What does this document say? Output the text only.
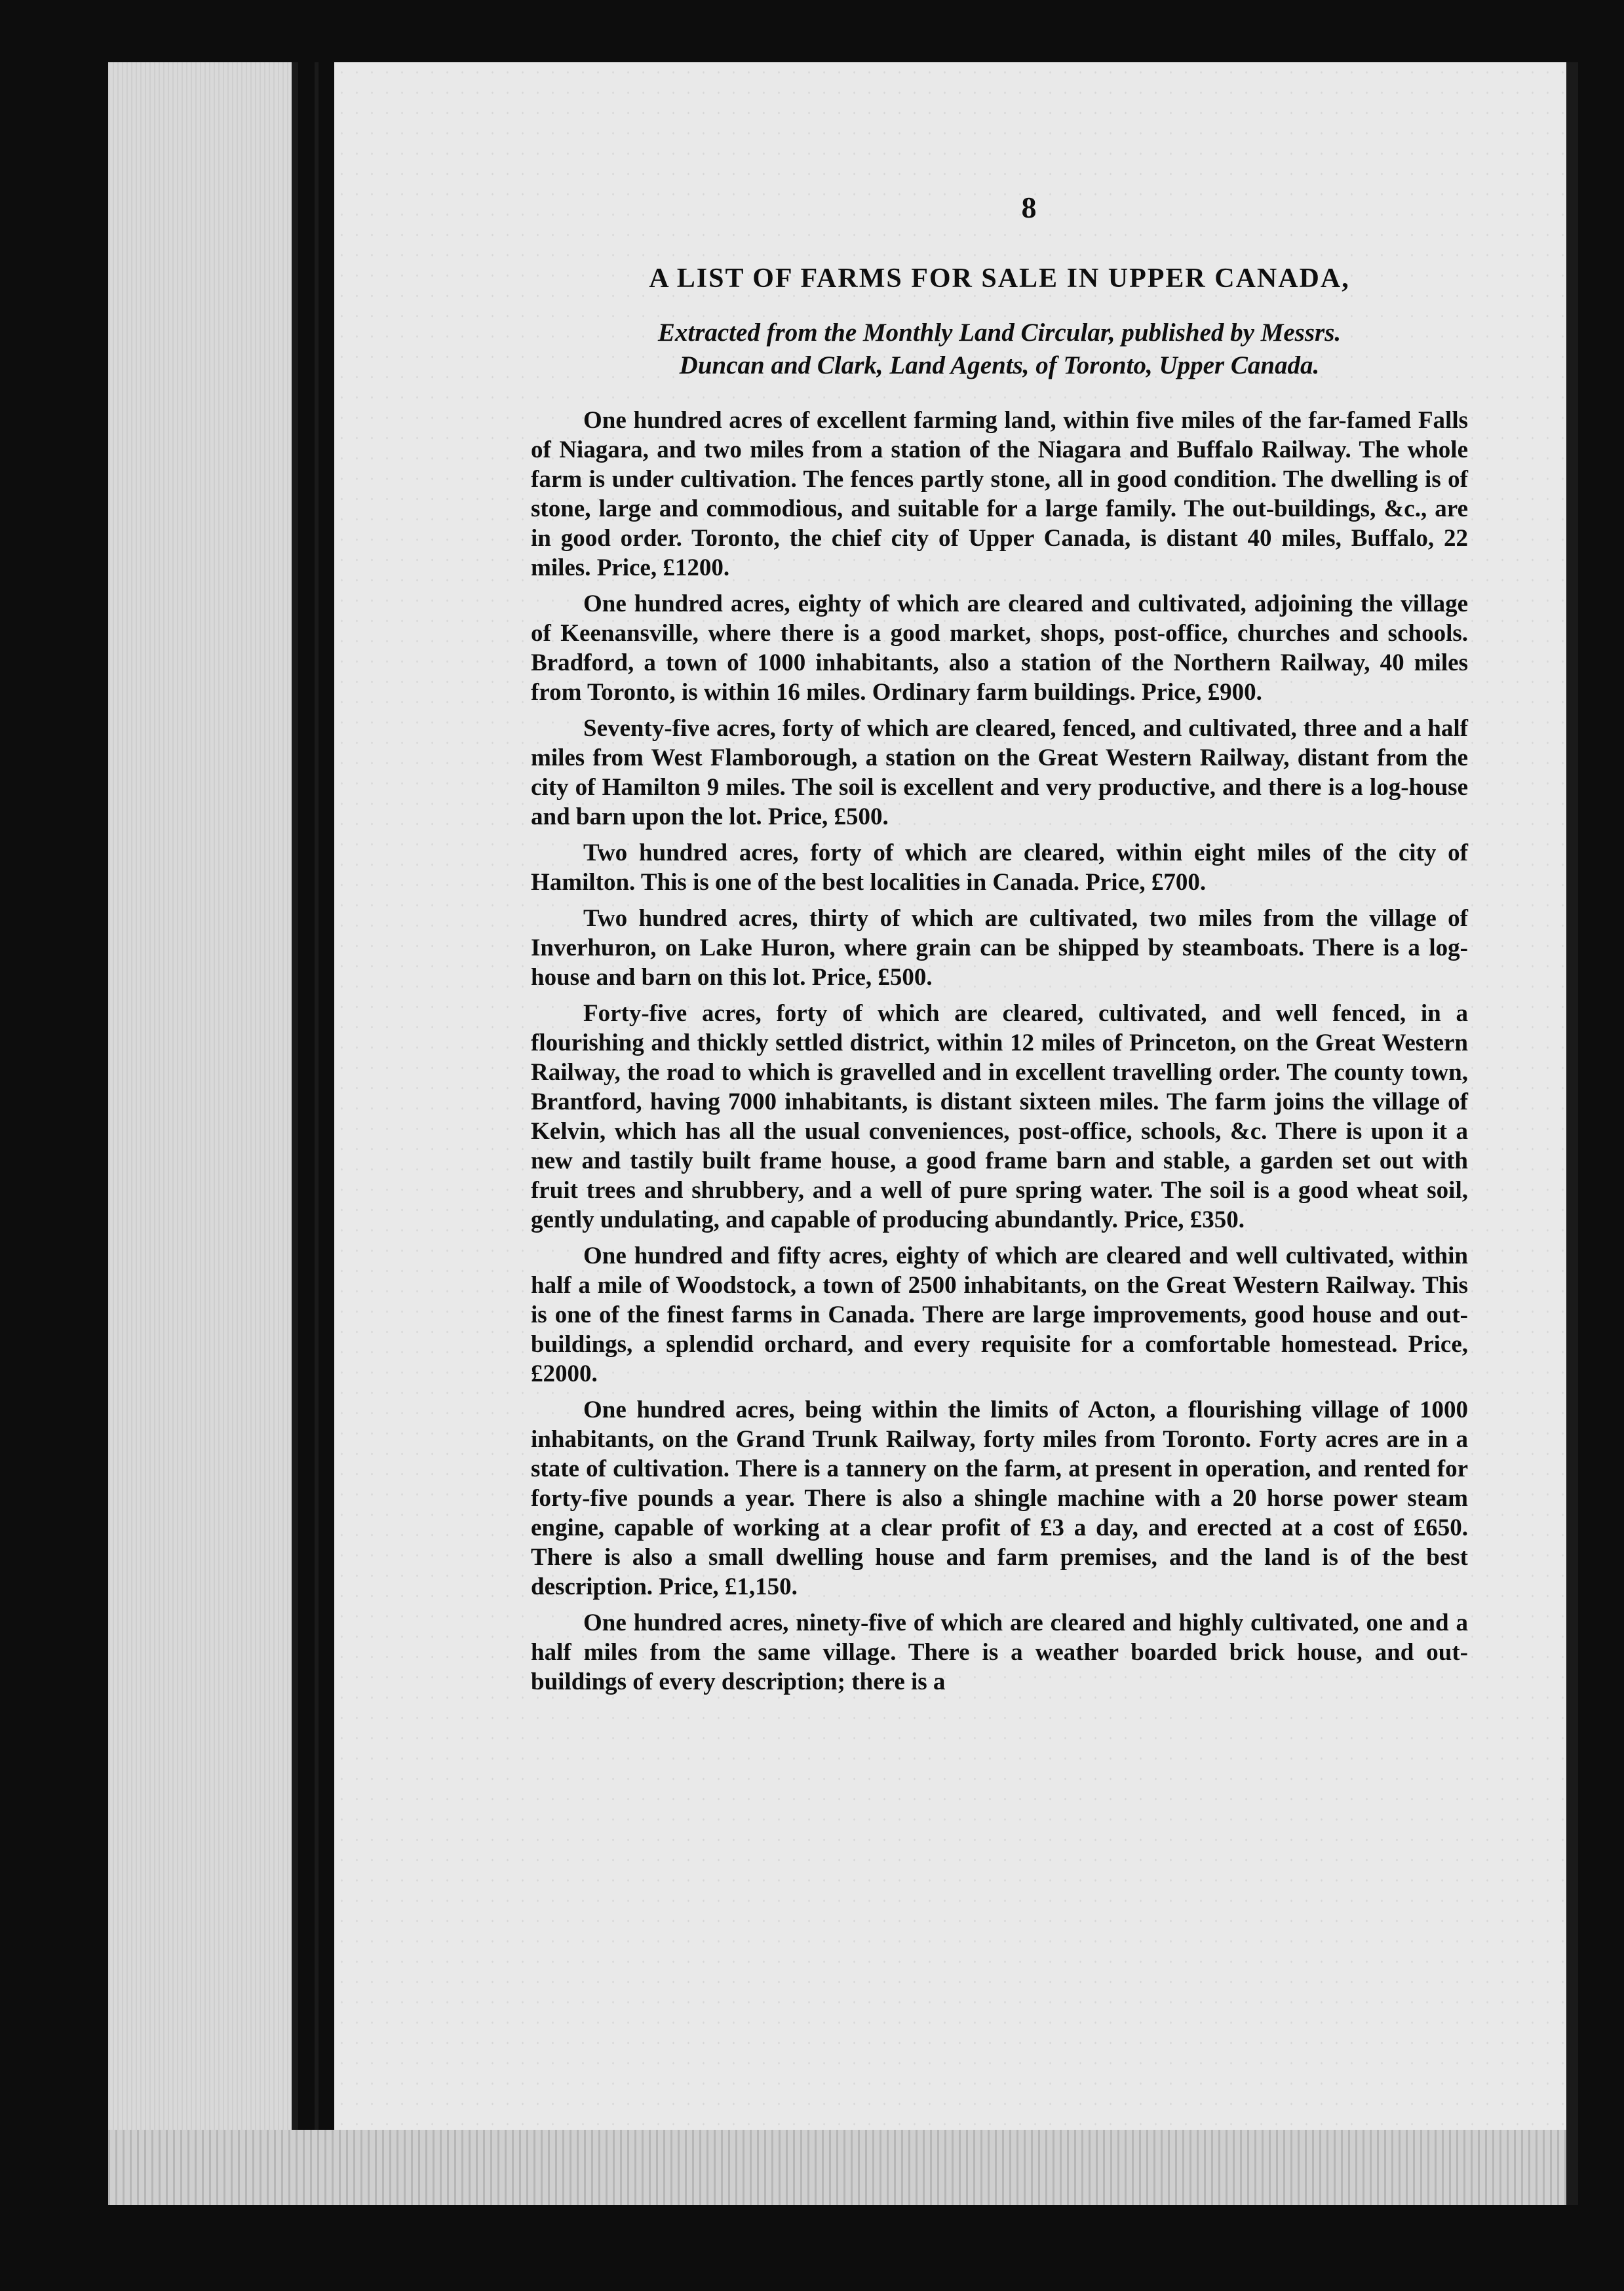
8
A LIST OF FARMS FOR SALE IN UPPER CANADA,
Extracted from the Monthly Land Circular, published by Messrs.
Duncan and Clark, Land Agents, of Toronto, Upper Canada.

One hundred acres of excellent farming land, within five miles of the far-famed Falls of Niagara, and two miles from a station of the Niagara and Buffalo Railway. The whole farm is under cultivation. The fences partly stone, all in good condition. The dwelling is of stone, large and commodious, and suitable for a large family. The out-buildings, &c., are in good order. Toronto, the chief city of Upper Canada, is distant 40 miles, Buffalo, 22 miles. Price, £1200.

One hundred acres, eighty of which are cleared and cultivated, adjoining the village of Keenansville, where there is a good market, shops, post-office, churches and schools. Bradford, a town of 1000 inhabitants, also a station of the Northern Railway, 40 miles from Toronto, is within 16 miles. Ordinary farm buildings. Price, £900.

Seventy-five acres, forty of which are cleared, fenced, and cultivated, three and a half miles from West Flamborough, a station on the Great Western Railway, distant from the city of Hamilton 9 miles. The soil is excellent and very productive, and there is a log-house and barn upon the lot. Price, £500.

Two hundred acres, forty of which are cleared, within eight miles of the city of Hamilton. This is one of the best localities in Canada. Price, £700.

Two hundred acres, thirty of which are cultivated, two miles from the village of Inverhuron, on Lake Huron, where grain can be shipped by steamboats. There is a log-house and barn on this lot. Price, £500.

Forty-five acres, forty of which are cleared, cultivated, and well fenced, in a flourishing and thickly settled district, within 12 miles of Princeton, on the Great Western Railway, the road to which is gravelled and in excellent travelling order. The county town, Brantford, having 7000 inhabitants, is distant sixteen miles. The farm joins the village of Kelvin, which has all the usual conveniences, post-office, schools, &c. There is upon it a new and tastily built frame house, a good frame barn and stable, a garden set out with fruit trees and shrubbery, and a well of pure spring water. The soil is a good wheat soil, gently undulating, and capable of producing abundantly. Price, £350.

One hundred and fifty acres, eighty of which are cleared and well cultivated, within half a mile of Woodstock, a town of 2500 inhabitants, on the Great Western Railway. This is one of the finest farms in Canada. There are large improvements, good house and out-buildings, a splendid orchard, and every requisite for a comfortable homestead. Price, £2000.

One hundred acres, being within the limits of Acton, a flourishing village of 1000 inhabitants, on the Grand Trunk Railway, forty miles from Toronto. Forty acres are in a state of cultivation. There is a tannery on the farm, at present in operation, and rented for forty-five pounds a year. There is also a shingle machine with a 20 horse power steam engine, capable of working at a clear profit of £3 a day, and erected at a cost of £650. There is also a small dwelling house and farm premises, and the land is of the best description. Price, £1,150.

One hundred acres, ninety-five of which are cleared and highly cultivated, one and a half miles from the same village. There is a weather boarded brick house, and out-buildings of every description; there is a
